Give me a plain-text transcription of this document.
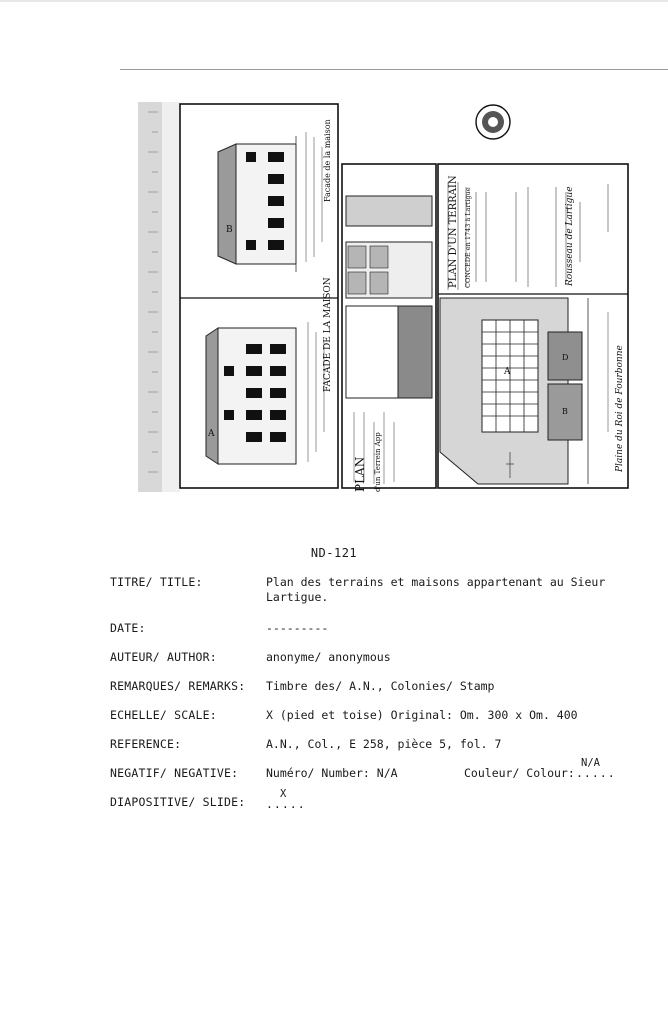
B
A
A
D
B
FACADE DE LA MAISON
Facade de la maison
PLAN d'un Terrein App
PLAN D'UN TERRAIN CONCEDE en 1743 à Lartigue	Rousseau de Lartigue
Plaine du Roi de Fourbonne
ND-121
TITRE/ TITLE:	Plan des terrains et maisons appartenant au Sieur
Lartigue.
DATE:	---------
AUTEUR/ AUTHOR:	anonyme/ anonymous
REMARQUES/ REMARKS: Timbre des/ A.N., Colonies/ Stamp
ECHELLE/ SCALE:	X (pied et toise) Original: Om. 300 x Om. 400
REFERENCE:	A.N., Col., E 258, pièce 5, fol. 7
NEGATIF/ NEGATIVE: Numéro/ Number: N/A	Couleur/ Colour:
N/A
.....
DIAPOSITIVE/ SLIDE:
X
.....
